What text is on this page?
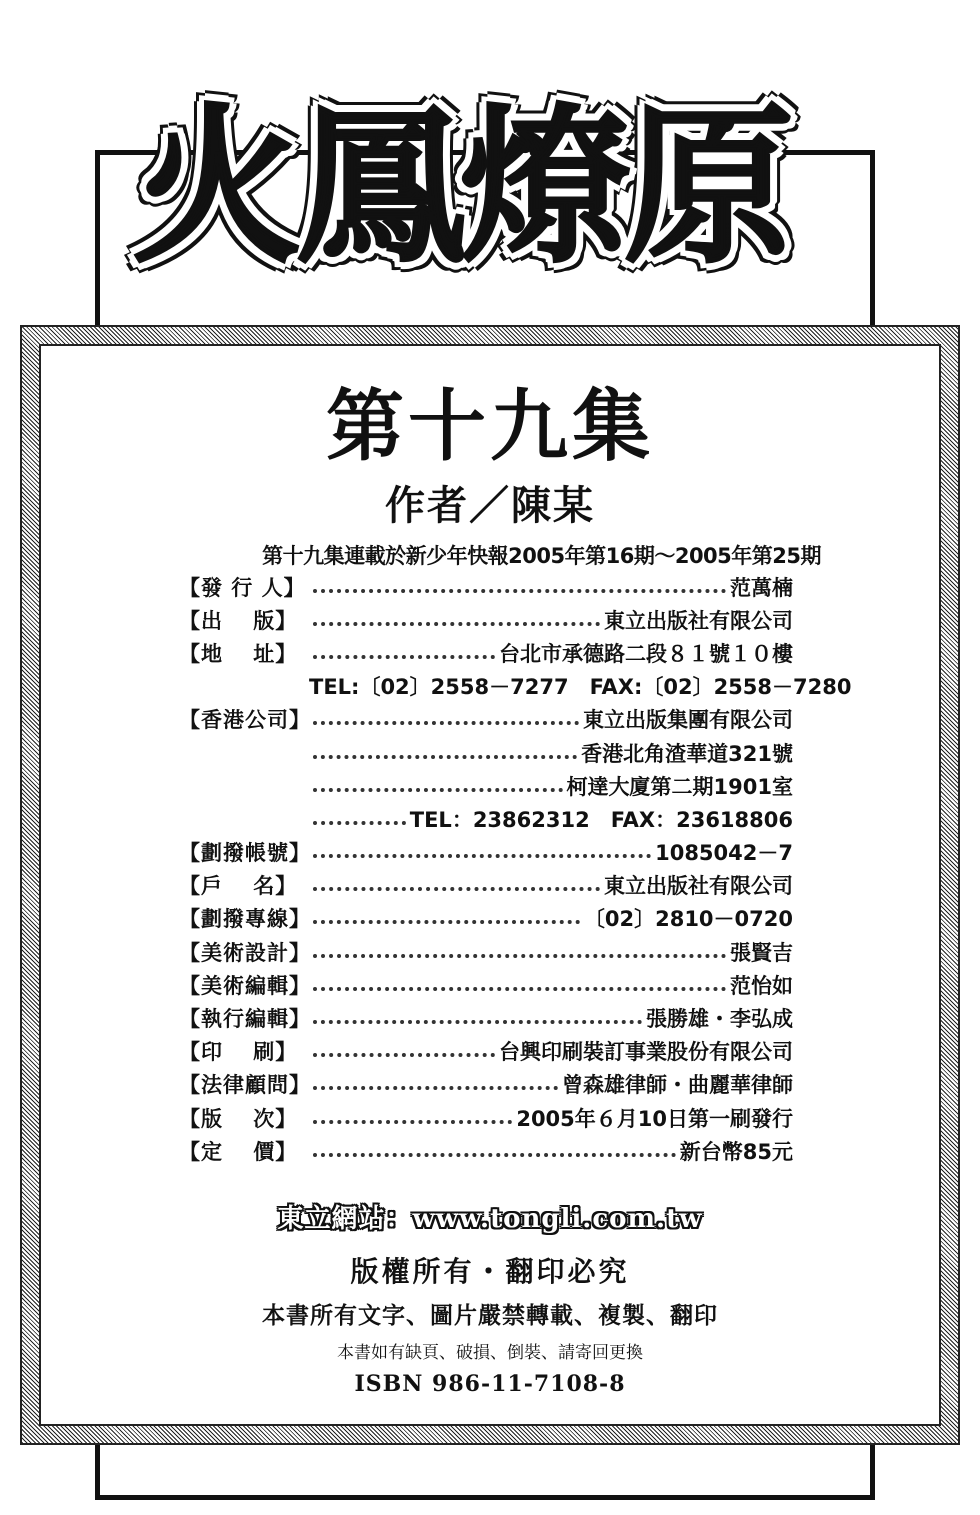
第十九集
作者／陳某
第十九集連載於新少年快報2005年第16期～2005年第25期
【發 行 人】	范萬楠
【出　 版】	東立出版社有限公司
【地　 址】	台北市承德路二段８１號１０樓
TEL:〔02〕2558－7277　FAX:〔02〕2558－7280
【香港公司】	東立出版集團有限公司
香港北角渣華道321號
柯達大廈第二期1901室
TEL：23862312　FAX：23618806
【劃撥帳號】	1085042－7
【戶　 名】	東立出版社有限公司
【劃撥專線】	〔02〕2810－0720
【美術設計】	張賢吉
【美術編輯】	范怡如
【執行編輯】	張勝雄・李弘成
【印　 刷】	台興印刷裝訂事業股份有限公司
【法律顧問】	曾森雄律師・曲麗華律師
【版　 次】	2005年６月10日第一刷發行
【定　 價】	新台幣85元
東立網站：www.tongli.com.tw
版權所有・翻印必究
本書所有文字、圖片嚴禁轉載、複製、翻印
本書如有缺頁、破損、倒裝、請寄回更換
ISBN 986-11-7108-8
火鳳燎原
